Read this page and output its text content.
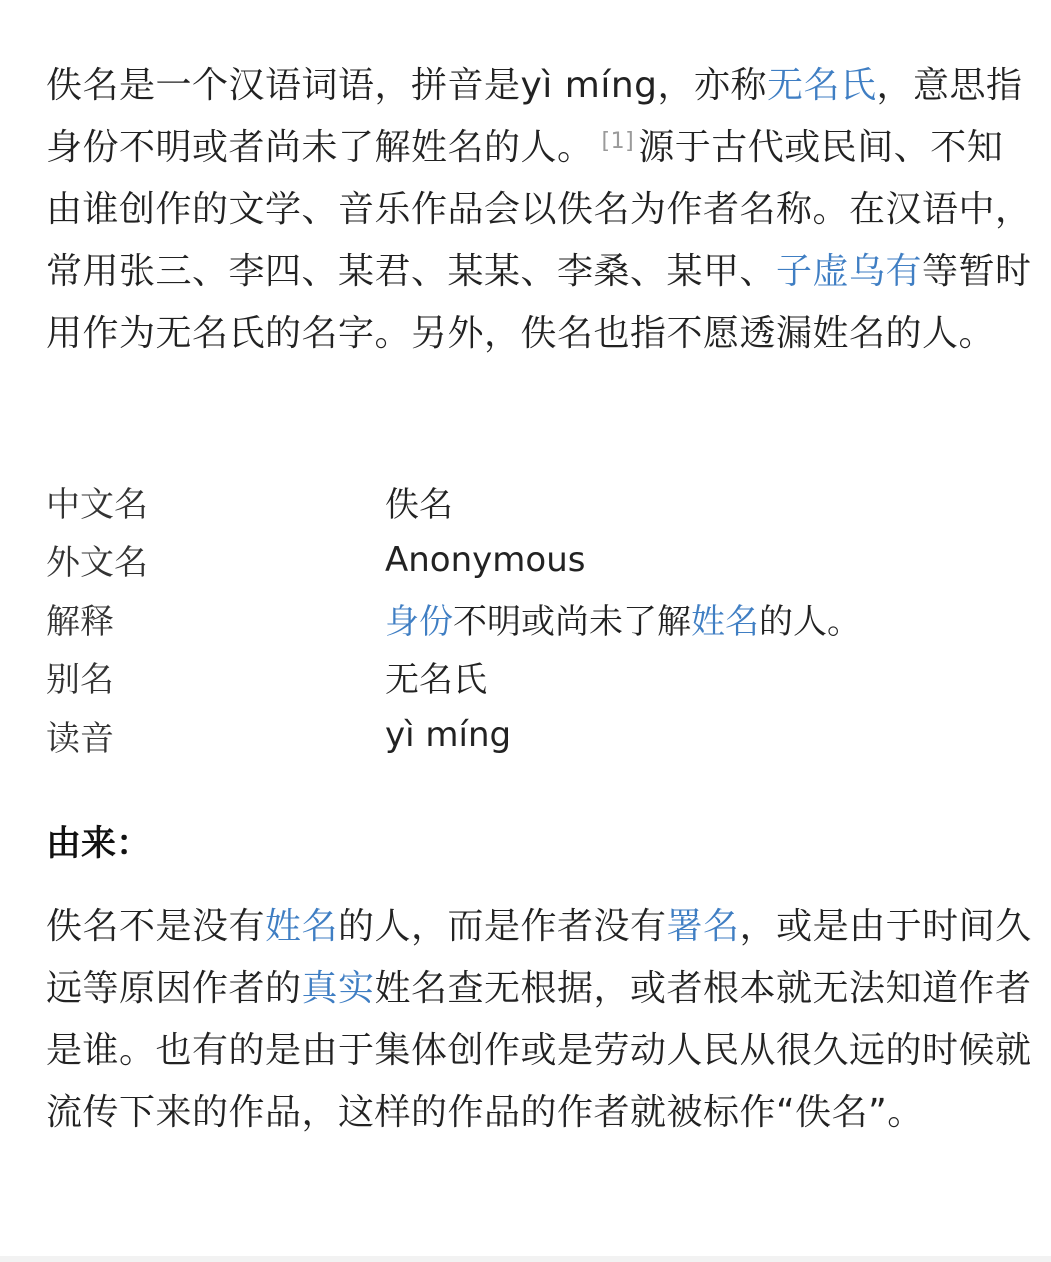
佚名是一个汉语词语，拼音是yì míng，亦称无名氏，意思指身份不明或者尚未了解姓名的人。 [1] 源于古代或民间、不知由谁创作的文学、音乐作品会以佚名为作者名称。在汉语中，常用张三、李四、某君、某某、李桑、某甲、子虚乌有等暂时用作为无名氏的名字。另外，佚名也指不愿透漏姓名的人。

中文名	佚名
外文名	Anonymous
解释	身份不明或尚未了解姓名的人。
别名	无名氏
读音	yì míng
由来：

佚名不是没有姓名的人，而是作者没有署名，或是由于时间久远等原因作者的真实姓名查无根据，或者根本就无法知道作者是谁。也有的是由于集体创作或是劳动人民从很久远的时候就流传下来的作品，这样的作品的作者就被标作“佚名”。
